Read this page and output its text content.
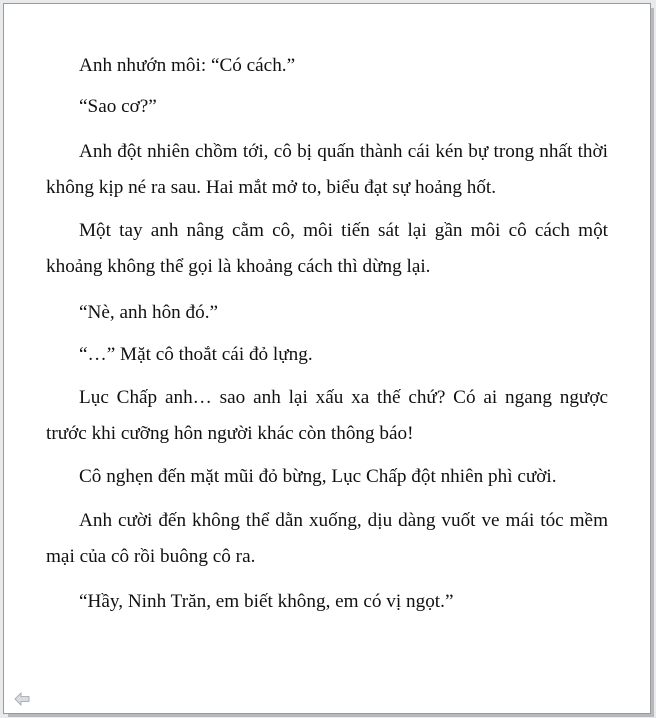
Anh nhướn môi: “Có cách.”

“Sao cơ?”

Anh đột nhiên chồm tới, cô bị quấn thành cái kén bự trong nhất thời không kịp né ra sau. Hai mắt mở to, biểu đạt sự hoảng hốt.

Một tay anh nâng cằm cô, môi tiến sát lại gần môi cô cách một khoảng không thể gọi là khoảng cách thì dừng lại.

“Nè, anh hôn đó.”

“…” Mặt cô thoắt cái đỏ lựng.

Lục Chấp anh… sao anh lại xấu xa thế chứ? Có ai ngang ngược trước khi cưỡng hôn người khác còn thông báo!

Cô nghẹn đến mặt mũi đỏ bừng, Lục Chấp đột nhiên phì cười.

Anh cười đến không thể dằn xuống, dịu dàng vuốt ve mái tóc mềm mại của cô rồi buông cô ra.

“Hầy, Ninh Trăn, em biết không, em có vị ngọt.”
